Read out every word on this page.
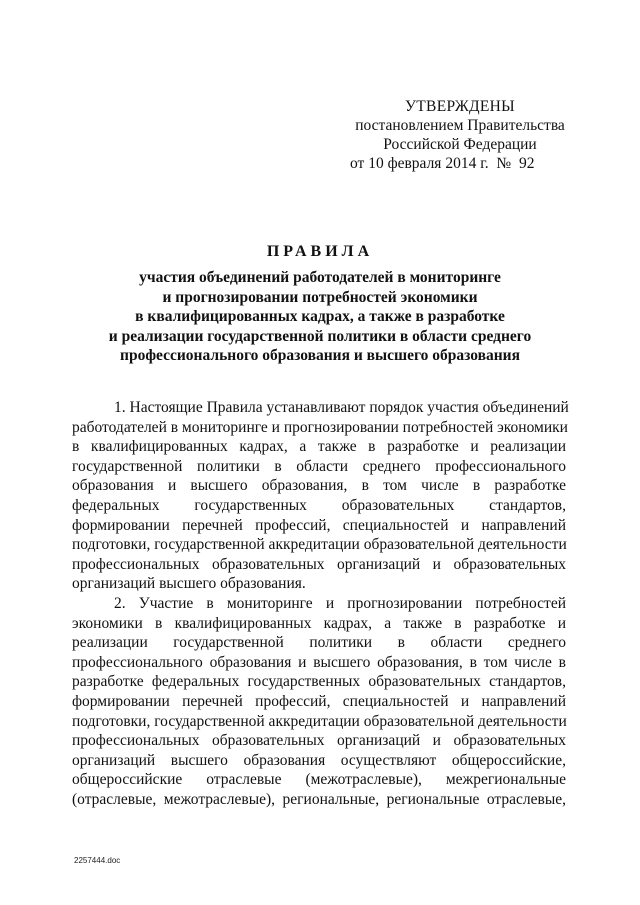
УТВЕРЖДЕНЫ
постановлением Правительства
Российской Федерации
от 10 февраля 2014 г.  №  92
ПРАВИЛА
участия объединений работодателей в мониторинге
и прогнозировании потребностей экономики
в квалифицированных кадрах, а также в разработке
и реализации государственной политики в области среднего
профессионального образования и высшего образования
1. Настоящие Правила устанавливают порядок участия объединений
работодателей в мониторинге и прогнозировании потребностей экономики
в квалифицированных кадрах, а также в разработке и реализации
государственной политики в области среднего профессионального
образования и высшего образования, в том числе в разработке
федеральных государственных образовательных стандартов,
формировании перечней профессий, специальностей и направлений
подготовки, государственной аккредитации образовательной деятельности
профессиональных образовательных организаций и образовательных
организаций высшего образования.
2. Участие в мониторинге и прогнозировании потребностей
экономики в квалифицированных кадрах, а также в разработке и
реализации государственной политики в области среднего
профессионального образования и высшего образования, в том числе в
разработке федеральных государственных образовательных стандартов,
формировании перечней профессий, специальностей и направлений
подготовки, государственной аккредитации образовательной деятельности
профессиональных образовательных организаций и образовательных
организаций высшего образования осуществляют общероссийские,
общероссийские отраслевые (межотраслевые), межрегиональные
(отраслевые, межотраслевые), региональные, региональные отраслевые,
2257444.doc
